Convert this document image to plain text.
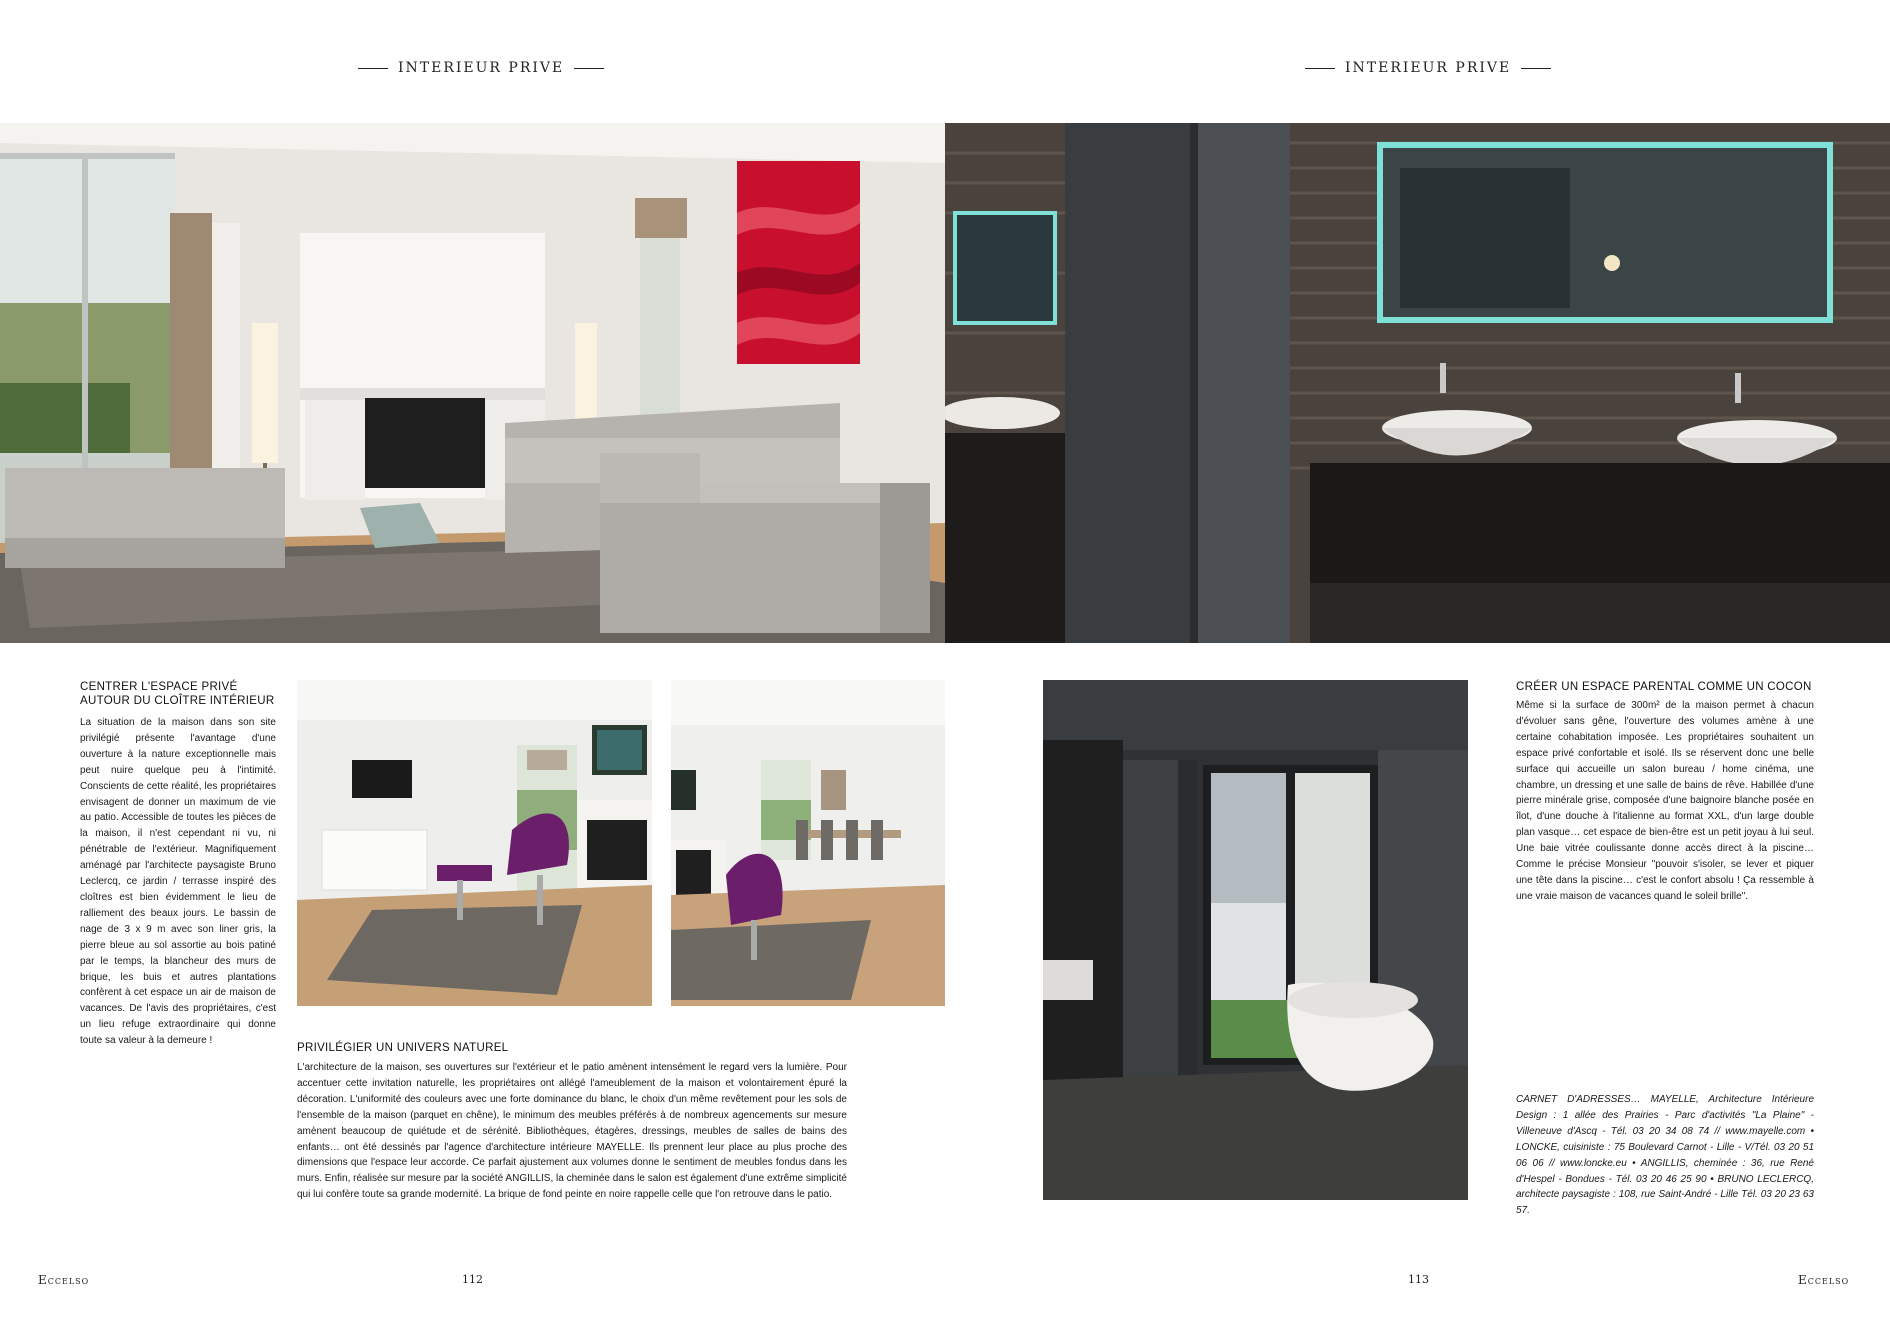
INTERIEUR PRIVE	INTERIEUR PRIVE
CENTRER L'ESPACE PRIVÉ
AUTOUR DU CLOÎTRE INTÉRIEUR

La situation de la maison dans son site privilégié présente l'avantage d'une ouverture à la nature exceptionnelle mais peut nuire quelque peu à l'intimité. Conscients de cette réalité, les propriétaires envisagent de donner un maximum de vie au patio. Accessible de toutes les pièces de la maison, il n'est cependant ni vu, ni pénétrable de l'extérieur. Magnifiquement aménagé par l'architecte paysagiste Bruno Leclercq, ce jardin / terrasse inspiré des cloîtres est bien évidemment le lieu de ralliement des beaux jours. Le bassin de nage de 3 x 9 m avec son liner gris, la pierre bleue au sol assortie au bois patiné par le temps, la blancheur des murs de brique, les buis et autres plantations confèrent à cet espace un air de maison de vacances. De l'avis des propriétaires, c'est un lieu refuge extraordinaire qui donne toute sa valeur à la demeure !

PRIVILÉGIER UN UNIVERS NATUREL

L'architecture de la maison, ses ouvertures sur l'extérieur et le patio amènent intensément le regard vers la lumière. Pour accentuer cette invitation naturelle, les propriétaires ont allégé l'ameublement de la maison et volontairement épuré la décoration. L'uniformité des couleurs avec une forte dominance du blanc, le choix d'un même revêtement pour les sols de l'ensemble de la maison (parquet en chêne), le minimum des meubles préférés à de nombreux agencements sur mesure amènent beaucoup de quiétude et de sérénité. Bibliothèques, étagères, dressings, meubles de salles de bains des enfants… ont été dessinés par l'agence d'architecture intérieure MAYELLE. Ils prennent leur place au plus proche des dimensions que l'espace leur accorde. Ce parfait ajustement aux volumes donne le sentiment de meubles fondus dans les murs. Enfin, réalisée sur mesure par la société ANGILLIS, la cheminée dans le salon est également d'une extrême simplicité qui lui confère toute sa grande modernité. La brique de fond peinte en noire rappelle celle que l'on retrouve dans le patio.

CRÉER UN ESPACE PARENTAL COMME UN COCON

Même si la surface de 300m² de la maison permet à chacun d'évoluer sans gêne, l'ouverture des volumes amène à une certaine cohabitation imposée. Les propriétaires souhaitent un espace privé confortable et isolé. Ils se réservent donc une belle surface qui accueille un salon bureau / home cinéma, une chambre, un dressing et une salle de bains de rêve. Habillée d'une pierre minérale grise, composée d'une baignoire blanche posée en îlot, d'une douche à l'italienne au format XXL, d'un large double plan vasque… cet espace de bien-être est un petit joyau à lui seul. Une baie vitrée coulissante donne accès direct à la piscine… Comme le précise Monsieur "pouvoir s'isoler, se lever et piquer une tête dans la piscine… c'est le confort absolu ! Ça ressemble à une vraie maison de vacances quand le soleil brille".

CARNET D'ADRESSES… MAYELLE, Architecture Intérieure Design : 1 allée des Prairies - Parc d'activités "La Plaine" - Villeneuve d'Ascq - Tél. 03 20 34 08 74 // www.mayelle.com • LONCKE, cuisiniste : 75 Boulevard Carnot - Lille - V/Tél. 03 20 51 06 06 // www.loncke.eu • ANGILLIS, cheminée : 36, rue René d'Hespel - Bondues - Tél. 03 20 46 25 90 • BRUNO LECLERCQ, architecte paysagiste : 108, rue Saint-André - Lille Tél. 03 20 23 63 57.

Eccelso	112	113	Eccelso
